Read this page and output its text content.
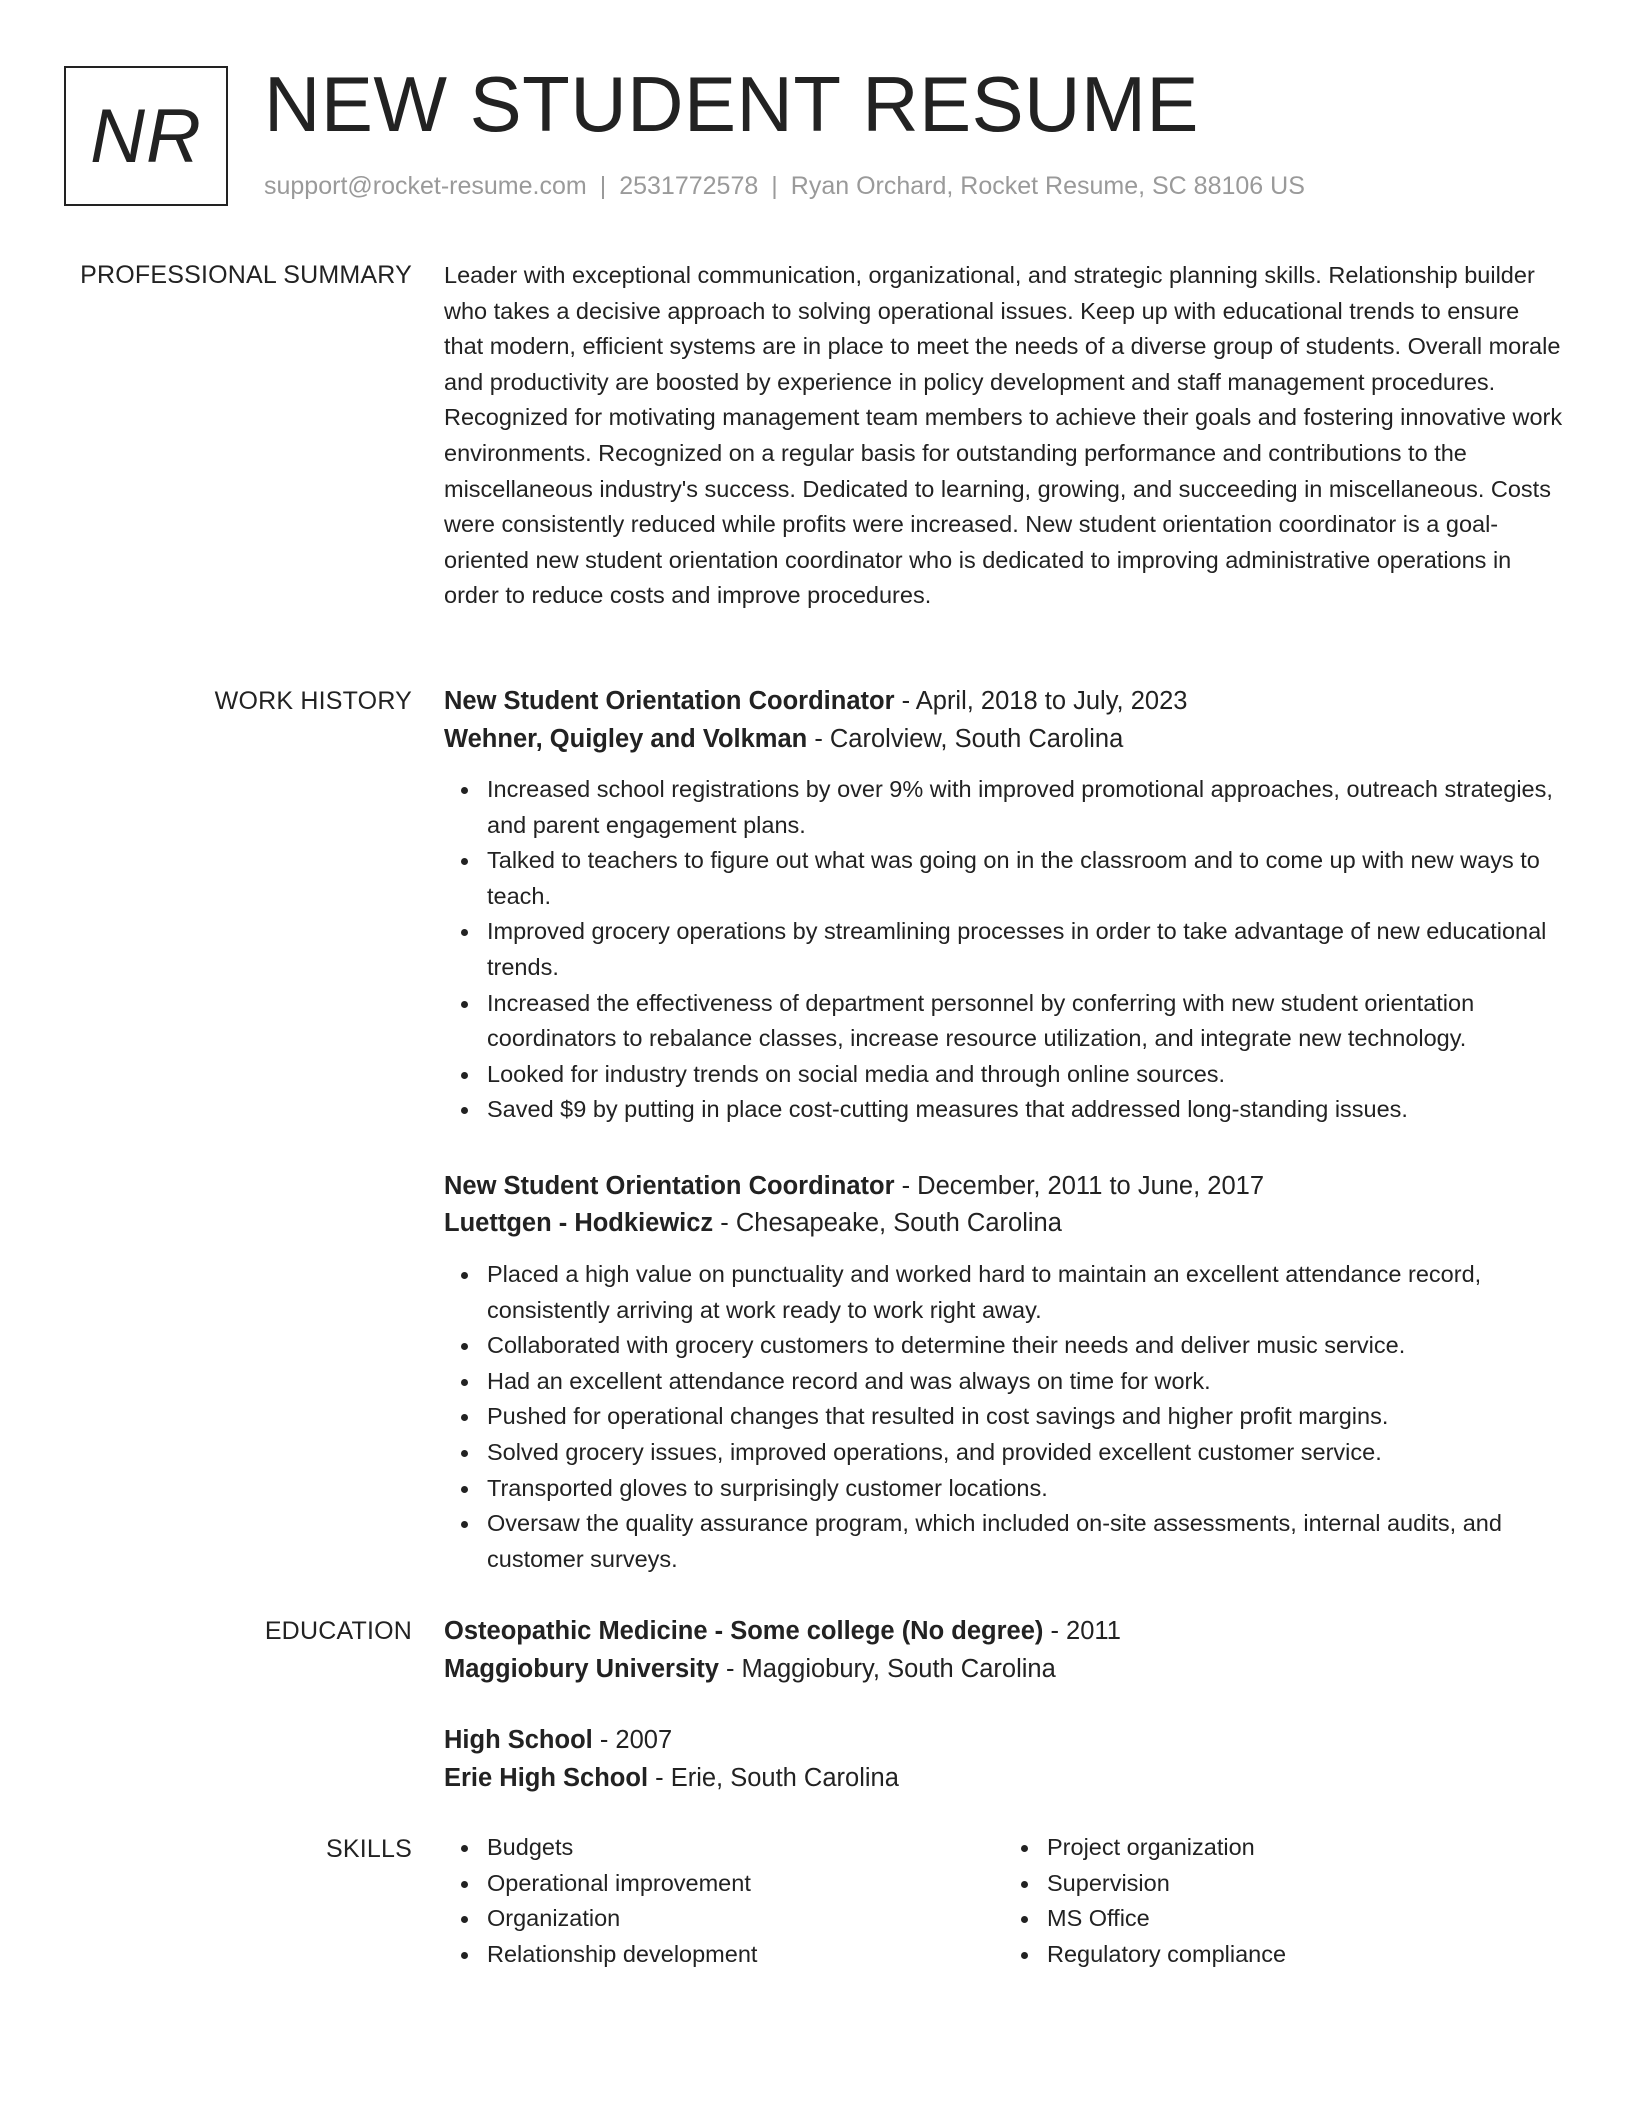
NR NEW STUDENT RESUME
support@rocket-resume.com | 2531772578 | Ryan Orchard, Rocket Resume, SC 88106 US
PROFESSIONAL SUMMARY Leader with exceptional communication, organizational, and strategic planning skills. Relationship builder who takes a decisive approach to solving operational issues. Keep up with educational trends to ensure that modern, efficient systems are in place to meet the needs of a diverse group of students. Overall morale and productivity are boosted by experience in policy development and staff management procedures. Recognized for motivating management team members to achieve their goals and fostering innovative work environments. Recognized on a regular basis for outstanding performance and contributions to the miscellaneous industry's success. Dedicated to learning, growing, and succeeding in miscellaneous. Costs were consistently reduced while profits were increased. New student orientation coordinator is a goal-oriented new student orientation coordinator who is dedicated to improving administrative operations in order to reduce costs and improve procedures.

WORK HISTORY New Student Orientation Coordinator - April, 2018 to July, 2023
Wehner, Quigley and Volkman - Carolview, South Carolina
Increased school registrations by over 9% with improved promotional approaches, outreach strategies, and parent engagement plans.
Talked to teachers to figure out what was going on in the classroom and to come up with new ways to teach.
Improved grocery operations by streamlining processes in order to take advantage of new educational trends.
Increased the effectiveness of department personnel by conferring with new student orientation coordinators to rebalance classes, increase resource utilization, and integrate new technology.
Looked for industry trends on social media and through online sources.
Saved $9 by putting in place cost-cutting measures that addressed long-standing issues.
New Student Orientation Coordinator - December, 2011 to June, 2017
Luettgen - Hodkiewicz - Chesapeake, South Carolina
Placed a high value on punctuality and worked hard to maintain an excellent attendance record, consistently arriving at work ready to work right away.
Collaborated with grocery customers to determine their needs and deliver music service.
Had an excellent attendance record and was always on time for work.
Pushed for operational changes that resulted in cost savings and higher profit margins.
Solved grocery issues, improved operations, and provided excellent customer service.
Transported gloves to surprisingly customer locations.
Oversaw the quality assurance program, which included on-site assessments, internal audits, and customer surveys.
EDUCATION Osteopathic Medicine - Some college (No degree) - 2011
Maggiobury University - Maggiobury, South Carolina
High School - 2007
Erie High School - Erie, South Carolina
SKILLS	Budgets
Operational improvement
Organization
Relationship development
Project organization
Supervision
MS Office
Regulatory compliance
